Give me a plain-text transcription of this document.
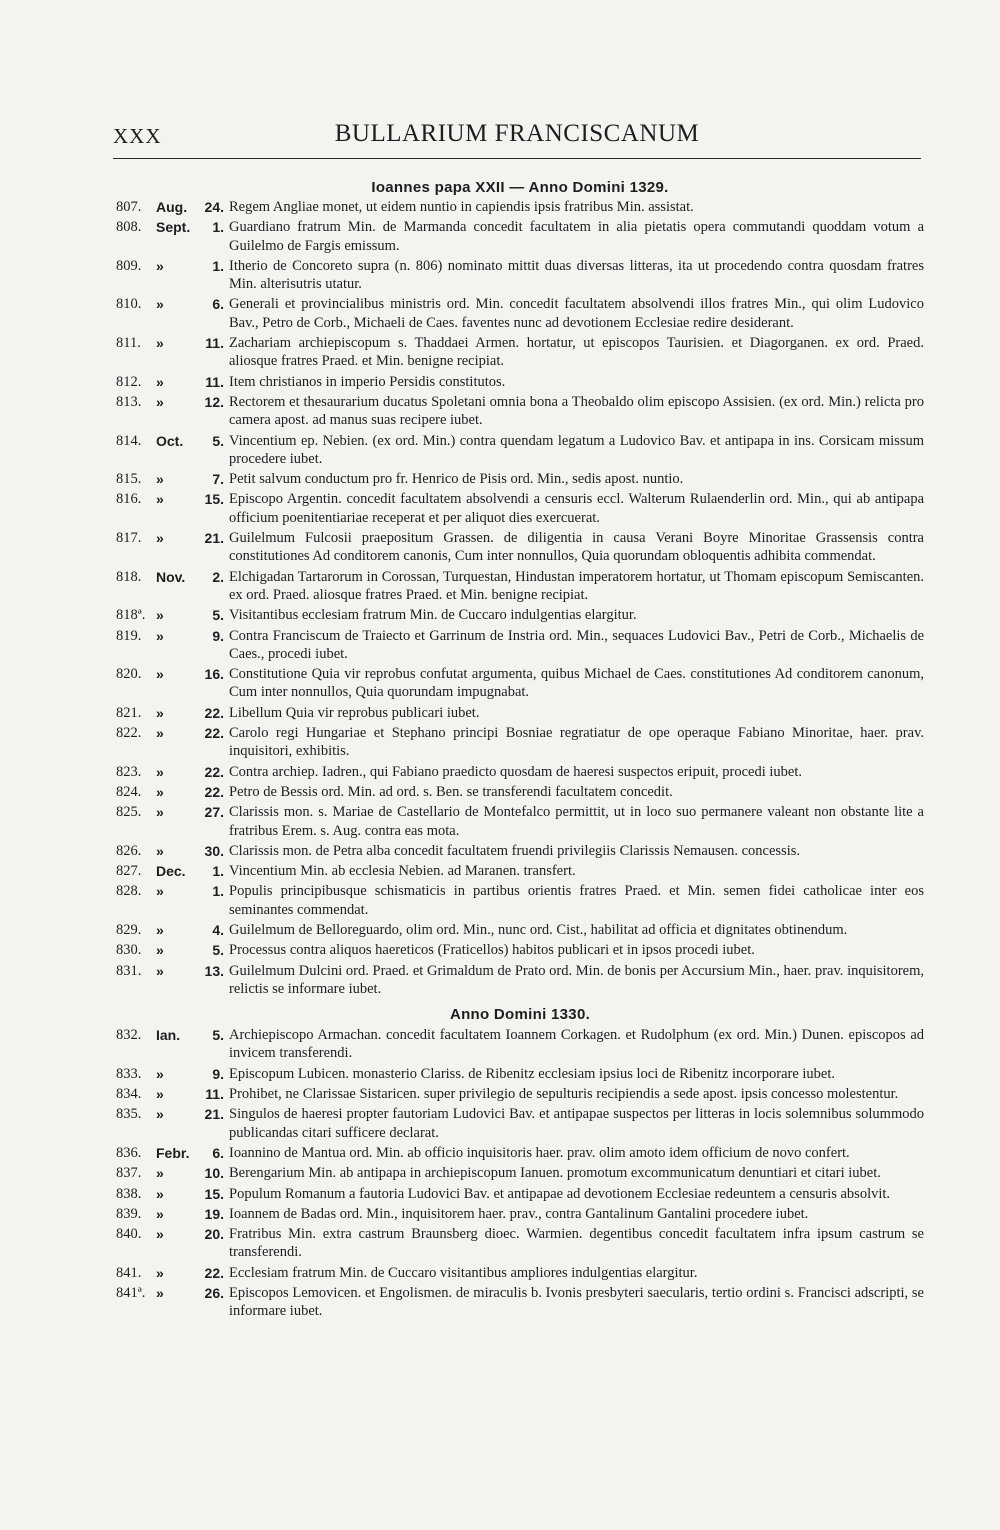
XXX	BULLARIUM FRANCISCANUM
Ioannes papa XXII — Anno Domini 1329.
807.	Aug.	24. Regem Angliae monet, ut eidem nuntio in capiendis ipsis fratribus Min. assistat.
808.	Sept.	1. Guardiano fratrum Min. de Marmanda concedit facultatem in alia pietatis opera commutandi quoddam votum a Guilelmo de Fargis emissum.
809.	»	1. Itherio de Concoreto supra (n. 806) nominato mittit duas diversas litteras, ita ut procedendo contra quosdam fratres Min. alterisutris utatur.
810.	»	6. Generali et provincialibus ministris ord. Min. concedit facultatem absolvendi illos fratres Min., qui olim Ludovico Bav., Petro de Corb., Michaeli de Caes. faventes nunc ad devotionem Ecclesiae redire desiderant.
811.	»	11. Zachariam archiepiscopum s. Thaddaei Armen. hortatur, ut episcopos Taurisien. et Diagorganen. ex ord. Praed. aliosque fratres Praed. et Min. benigne recipiat.
812.	»	11. Item christianos in imperio Persidis constitutos.
813.	»	12. Rectorem et thesaurarium ducatus Spoletani omnia bona a Theobaldo olim episcopo Assisien. (ex ord. Min.) relicta pro camera apost. ad manus suas recipere iubet.
814.	Oct.	5. Vincentium ep. Nebien. (ex ord. Min.) contra quendam legatum a Ludovico Bav. et antipapa in ins. Corsicam missum procedere iubet.
815.	»	7. Petit salvum conductum pro fr. Henrico de Pisis ord. Min., sedis apost. nuntio.
816.	»	15. Episcopo Argentin. concedit facultatem absolvendi a censuris eccl. Walterum Rulaenderlin ord. Min., qui ab antipapa officium poenitentiariae receperat et per aliquot dies exercuerat.
817.	»	21. Guilelmum Fulcosii praepositum Grassen. de diligentia in causa Verani Boyre Minoritae Grassensis contra constitutiones Ad conditorem canonis, Cum inter nonnullos, Quia quorundam obloquentis adhibita commendat.
818.	Nov.	2. Elchigadan Tartarorum in Corossan, Turquestan, Hindustan imperatorem hortatur, ut Thomam episcopum Semiscanten. ex ord. Praed. aliosque fratres Praed. et Min. benigne recipiat.
818ª. »	5. Visitantibus ecclesiam fratrum Min. de Cuccaro indulgentias elargitur.
819.	»	9. Contra Franciscum de Traiecto et Garrinum de Instria ord. Min., sequaces Ludovici Bav., Petri de Corb., Michaelis de Caes., procedi iubet.
820.	»	16. Constitutione Quia vir reprobus confutat argumenta, quibus Michael de Caes. constitutiones Ad conditorem canonum, Cum inter nonnullos, Quia quorundam impugnabat.
821.	»	22. Libellum Quia vir reprobus publicari iubet.
822.	»	22. Carolo regi Hungariae et Stephano principi Bosniae regratiatur de ope operaque Fabiano Minoritae, haer. prav. inquisitori, exhibitis.
823.	»	22. Contra archiep. Iadren., qui Fabiano praedicto quosdam de haeresi suspectos eripuit, procedi iubet.
824.	»	22. Petro de Bessis ord. Min. ad ord. s. Ben. se transferendi facultatem concedit.
825.	»	27. Clarissis mon. s. Mariae de Castellario de Montefalco permittit, ut in loco suo permanere valeant non obstante lite a fratribus Erem. s. Aug. contra eas mota.
826.	»	30. Clarissis mon. de Petra alba concedit facultatem fruendi privilegiis Clarissis Nemausen. concessis.
827.	Dec.	1. Vincentium Min. ab ecclesia Nebien. ad Maranen. transfert.
828.	»	1. Populis principibusque schismaticis in partibus orientis fratres Praed. et Min. semen fidei catholicae inter eos seminantes commendat.
829.	»	4. Guilelmum de Belloreguardo, olim ord. Min., nunc ord. Cist., habilitat ad officia et dignitates obtinendum.
830.	»	5. Processus contra aliquos haereticos (Fraticellos) habitos publicari et in ipsos procedi iubet.
831.	»	13. Guilelmum Dulcini ord. Praed. et Grimaldum de Prato ord. Min. de bonis per Accursium Min., haer. prav. inquisitorem, relictis se informare iubet.
Anno Domini 1330.
832.	Ian.	5. Archiepiscopo Armachan. concedit facultatem Ioannem Corkagen. et Rudolphum (ex ord. Min.) Dunen. episcopos ad invicem transferendi.
833.	»	9. Episcopum Lubicen. monasterio Clariss. de Ribenitz ecclesiam ipsius loci de Ribenitz incorporare iubet.
834.	»	11. Prohibet, ne Clarissae Sistaricen. super privilegio de sepulturis recipiendis a sede apost. ipsis concesso molestentur.
835.	»	21. Singulos de haeresi propter fautoriam Ludovici Bav. et antipapae suspectos per litteras in locis solemnibus solummodo publicandas citari sufficere declarat.
836.	Febr.	6. Ioannino de Mantua ord. Min. ab officio inquisitoris haer. prav. olim amoto idem officium de novo confert.
837.	»	10. Berengarium Min. ab antipapa in archiepiscopum Ianuen. promotum excommunicatum denuntiari et citari iubet.
838.	»	15. Populum Romanum a fautoria Ludovici Bav. et antipapae ad devotionem Ecclesiae redeuntem a censuris absolvit.
839.	»	19. Ioannem de Badas ord. Min., inquisitorem haer. prav., contra Gantalinum Gantalini procedere iubet.
840.	»	20. Fratribus Min. extra castrum Braunsberg dioec. Warmien. degentibus concedit facultatem infra ipsum castrum se transferendi.
841.	»	22. Ecclesiam fratrum Min. de Cuccaro visitantibus ampliores indulgentias elargitur.
841ª. »	26. Episcopos Lemovicen. et Engolismen. de miraculis b. Ivonis presbyteri saecularis, tertio ordini s. Francisci adscripti, se informare iubet.
